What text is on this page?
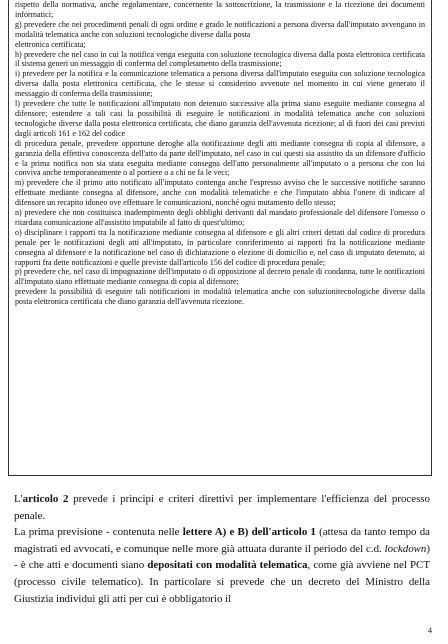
rispetto della normativa, anche regolamentare, concernente la sottoscrizione, la trasmissione e la ricezione dei documenti informatici;

g) prevedere che nei procedimenti penali di ogni ordine e grado le notificazioni a persona diversa dall'imputato avvengano in modalità telematica anche con soluzioni tecnologiche diverse dalla posta

elettronica certificata;

h) prevedere che nel caso in cui la notifica venga eseguita con soluzione tecnologica diversa dalla posta elettronica certificata il sistema generi un messaggio di conferma del completamento della trasmissione;

i) prevedere per la notifica e la comunicazione telematica a persona diversa dall'imputato eseguita con soluzione tecnologica diversa dalla posta elettronica certificata, che le stesse si considerino avvenute nel momento in cui viene generato il messaggio di conferma della trasmissione;

l) prevedere che tutte le notificazioni all'imputato non detenuto successive alla prima siano eseguite mediante consegna al difensore; estendere a tali casi la possibilità di eseguire le notificazioni in modalità telematica anche con soluzioni tecnologiche diverse dalla posta elettronica certificata, che diano garanzia dell'avvenuta ricezione; al di fuori dei casi previsti dagli articoli 161 e 162 del codice

di procedura penale, prevedere opportune deroghe alla notificazione degli atti mediante consegna di copia al difensore, a garanzia della effettiva conoscenza dell'atto da parte dell'imputato, nel caso in cui questi sia assistito da un difensore d'ufficio e la prima notifica non sia stata eseguita mediante consegna dell'atto personalmente all'imputato o a persona che con lui conviva anche temporaneamente o al portiere o a chi ne fa le veci;

m) prevedere che il primo atto notificato all'imputato contenga anche l'espresso avviso che le successive notifiche saranno effettuate mediante consegna al difensore, anche con modalità telematiche e che l'imputato abbia l'onere di indicare al difensore un recapito idoneo ove effettuare le comunicazioni, nonché ogni mutamento dello stesso;

n) prevedere che non costituisca inadempimento degli obblighi derivanti dal mandato professionale del difensore l'omesso o ritardata comunicazione all'assistito imputabile al fatto di quest'ultimo;

o) disciplinare i rapporti tra la notificazione mediante consegna al difensore e gli altri criteri dettati dal codice di procedura penale per le notificazioni degli atti all'imputato, in particolare conriferimento ai rapporti fra la notificazione mediante consegna al difensore e la notificazione nel caso di dichiarazione o elezione di domicilio e, nel caso di imputato detenuto, ai rapporti fra dette notificazioni e quelle previste dall'articolo 156 del codice di procedura penale;

p) prevedere che, nel caso di impugnazione dell'imputato o di opposizione al decreto penale di condanna, tutte le notificazioni all'imputato siano effettuate mediante consegna di copia al difensore;

prevedere la possibilità di eseguire tali notificazioni in modalità telematica anche con soluzionitecnologiche diverse dalla posta elettronica certificata che diano garanzia dell'avvenuta ricezione.

L'articolo 2 prevede i principi e criteri direttivi per implementare l'efficienza del processo penale.

La prima previsione - contenuta nelle lettere A) e B) dell'articolo 1 (attesa da tanto tempo da magistrati ed avvocati, e comunque nelle more già attuata durante il periodo del c.d. lockdown) - è che atti e documenti siano depositati con modalità telematica, come già avviene nel PCT (processo civile telematico). In particolare si prevede che un decreto del Ministro della Giustizia individui gli atti per cui è obbligatorio il

4
